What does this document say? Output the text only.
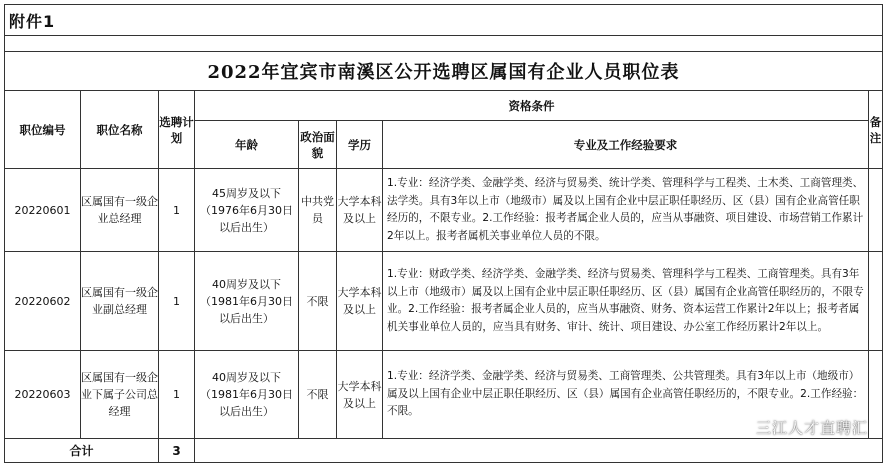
附件1							

2022年宜宾市南溪区公开选聘区属国有企业人员职位表							
职位编号	职位名称	选聘计划	资格条件				备注
			年龄	政治面貌	学历	专业及工作经验要求	
20220601	区属国有一级企业总经理	1	45周岁及以下（1976年6月30日以后出生）	中共党员	大学本科及以上	1.专业：经济学类、金融学类、经济与贸易类、统计学类、管理科学与工程类、土木类、工商管理类、法学类。具有3年以上市（地级市）属及以上国有企业中层正职任职经历、区（县）国有企业高管任职经历的，不限专业。2.工作经验：报考者属企业人员的，应当从事融资、项目建设、市场营销工作累计2年以上。报考者属机关事业单位人员的不限。	
20220602	区属国有一级企业副总经理	1	40周岁及以下（1981年6月30日以后出生）	不限	大学本科及以上	1.专业：财政学类、经济学类、金融学类、经济与贸易类、管理科学与工程类、工商管理类。具有3年以上市（地级市）属及以上国有企业中层正职任职经历、区（县）属国有企业高管任职经历的，不限专业。2.工作经验：报考者属企业人员的，应当从事融资、财务、资本运营工作累计2年以上；报考者属机关事业单位人员的，应当具有财务、审计、统计、项目建设、办公室工作经历累计2年以上。	
20220603	区属国有一级企业下属子公司总经理	1	40周岁及以下（1981年6月30日以后出生）	不限	大学本科及以上	1.专业：经济学类、金融学类、经济与贸易类、工商管理类、公共管理类。具有3年以上市（地级市）属及以上国有企业中层正职任职经历、区（县）属国有企业高管任职经历的，不限专业。2.工作经验：不限。	
合计		3					
三江人才直聘汇
